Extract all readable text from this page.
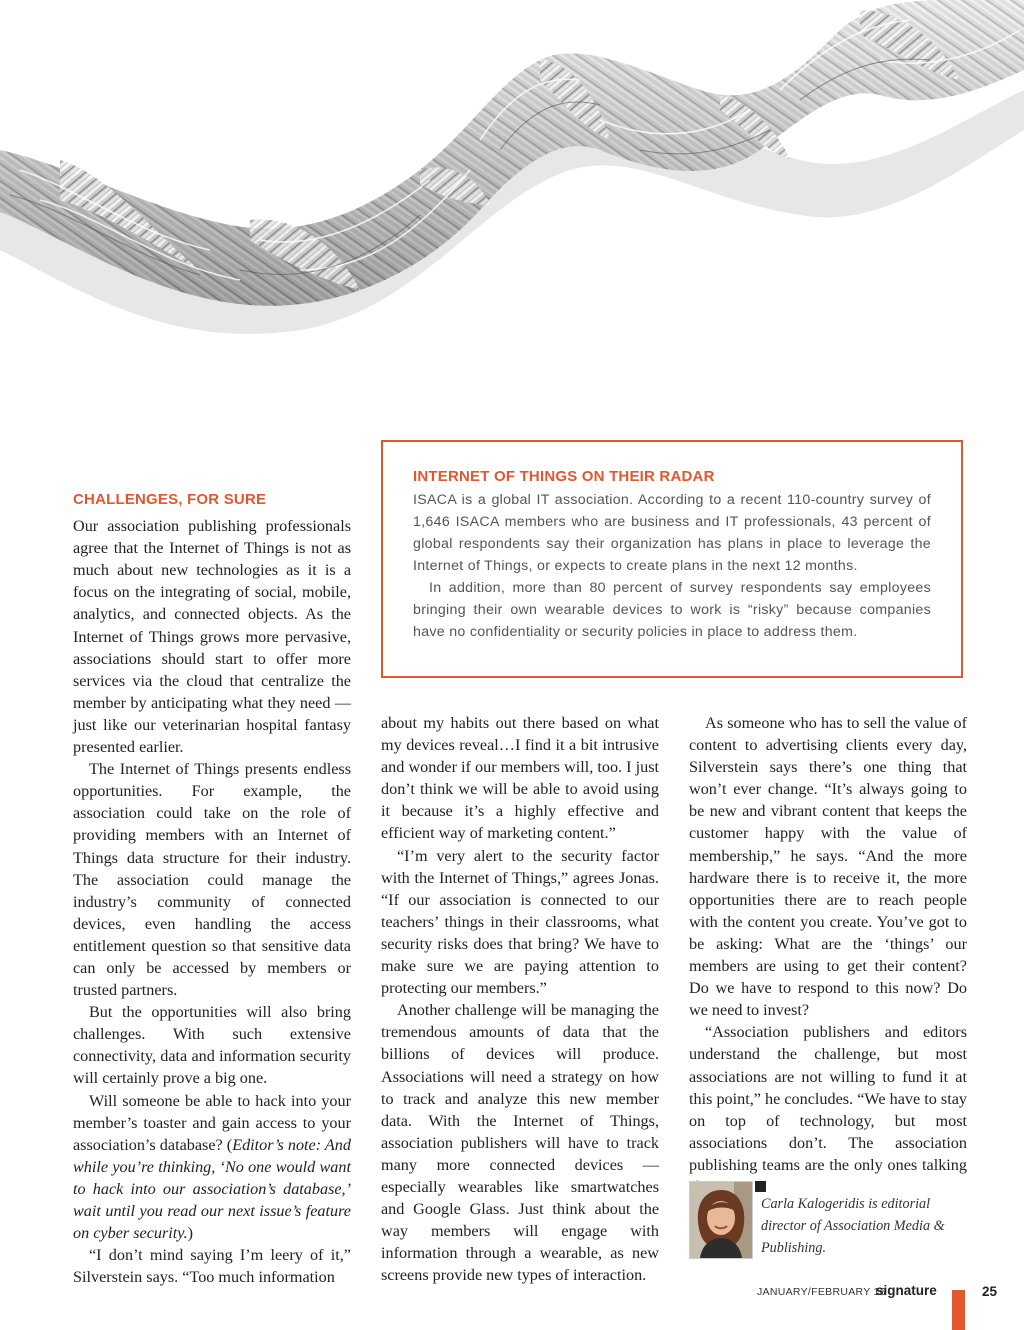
INTERNET OF THINGS ON THEIR RADAR

ISACA is a global IT association. According to a recent 110-country survey of 1,646 ISACA members who are business and IT professionals, 43 percent of global respondents say their organization has plans in place to leverage the Internet of Things, or expects to create plans in the next 12 months.

In addition, more than 80 percent of survey respondents say employees bringing their own wearable devices to work is “risky” because companies have no confidentiality or security policies in place to address them.

CHALLENGES, FOR SURE

Our association publishing professionals agree that the Internet of Things is not as much about new technologies as it is a focus on the integrating of social, mobile, analytics, and connected objects. As the Internet of Things grows more pervasive, associations should start to offer more services via the cloud that centralize the member by anticipating what they need — just like our veterinarian hospital fantasy presented earlier.

The Internet of Things presents endless opportunities. For example, the association could take on the role of providing members with an Internet of Things data structure for their industry. The association could manage the industry’s community of connected devices, even handling the access entitlement question so that sensitive data can only be accessed by members or trusted partners.

But the opportunities will also bring challenges. With such extensive connectivity, data and information security will certainly prove a big one.

Will someone be able to hack into your member’s toaster and gain access to your association’s database? (Editor’s note: And while you’re thinking, ‘No one would want to hack into our association’s database,’ wait until you read our next issue’s feature on cyber security.)

“I don’t mind saying I’m leery of it,” Silverstein says. “Too much information

about my habits out there based on what my devices reveal…I find it a bit intrusive and wonder if our members will, too. I just don’t think we will be able to avoid using it because it’s a highly effective and efficient way of marketing content.”

“I’m very alert to the security factor with the Internet of Things,” agrees Jonas. “If our association is connected to our teachers’ things in their classrooms, what security risks does that bring? We have to make sure we are paying attention to protecting our members.”

Another challenge will be managing the tremendous amounts of data that the billions of devices will produce. Associations will need a strategy on how to track and analyze this new member data. With the Internet of Things, association publishers will have to track many more connected devices — especially wearables like smartwatches and Google Glass. Just think about the way members will engage with information through a wearable, as new screens provide new types of interaction.

As someone who has to sell the value of content to advertising clients every day, Silverstein says there’s one thing that won’t ever change. “It’s always going to be new and vibrant content that keeps the customer happy with the value of membership,” he says. “And the more hardware there is to receive it, the more opportunities there are to reach people with the content you create. You’ve got to be asking: What are the ‘things’ our members are using to get their content? Do we have to respond to this now? Do we need to invest?

“Association publishers and editors understand the challenge, but most associations are not willing to fund it at this point,” he concludes. “We have to stay on top of technology, but most associations don’t. The association publishing teams are the only ones talking

Carla Kalogeridis is editorial director of Association Media & Publishing.
JANUARY/FEBRUARY 16
signature	25
